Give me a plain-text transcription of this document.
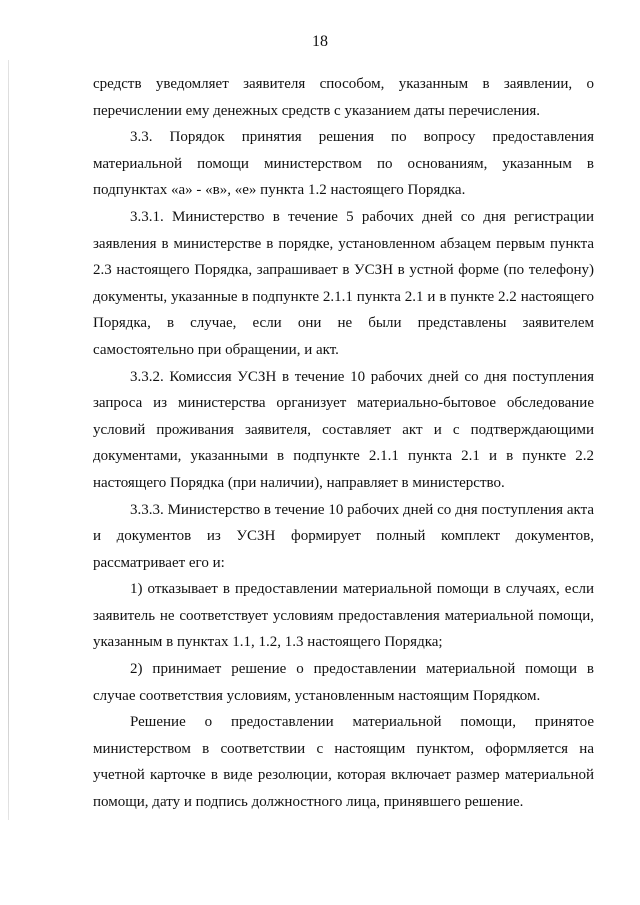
18

средств уведомляет заявителя способом, указанным в заявлении, о перечислении ему денежных средств с указанием даты перечисления.

3.3. Порядок принятия решения по вопросу предоставления материальной помощи министерством по основаниям, указанным в подпунктах «а» - «в», «е» пункта 1.2 настоящего Порядка.

3.3.1. Министерство в течение 5 рабочих дней со дня регистрации заявления в министерстве в порядке, установленном абзацем первым пункта 2.3 настоящего Порядка, запрашивает в УСЗН в устной форме (по телефону) документы, указанные в подпункте 2.1.1 пункта 2.1 и в пункте 2.2 настоящего Порядка, в случае, если они не были представлены заявителем самостоятельно при обращении, и акт.

3.3.2. Комиссия УСЗН в течение 10 рабочих дней со дня поступления запроса из министерства организует материально-бытовое обследование условий проживания заявителя, составляет акт и с подтверждающими документами, указанными в подпункте 2.1.1 пункта 2.1 и в пункте 2.2 настоящего Порядка (при наличии), направляет в министерство.

3.3.3. Министерство в течение 10 рабочих дней со дня поступления акта и документов из УСЗН формирует полный комплект документов, рассматривает его и:

1) отказывает в предоставлении материальной помощи в случаях, если заявитель не соответствует условиям предоставления материальной помощи, указанным в пунктах 1.1, 1.2, 1.3 настоящего Порядка;

2) принимает решение о предоставлении материальной помощи в случае соответствия условиям, установленным настоящим Порядком.

Решение о предоставлении материальной помощи, принятое министерством в соответствии с настоящим пунктом, оформляется на учетной карточке в виде резолюции, которая включает размер материальной помощи, дату и подпись должностного лица, принявшего решение.
